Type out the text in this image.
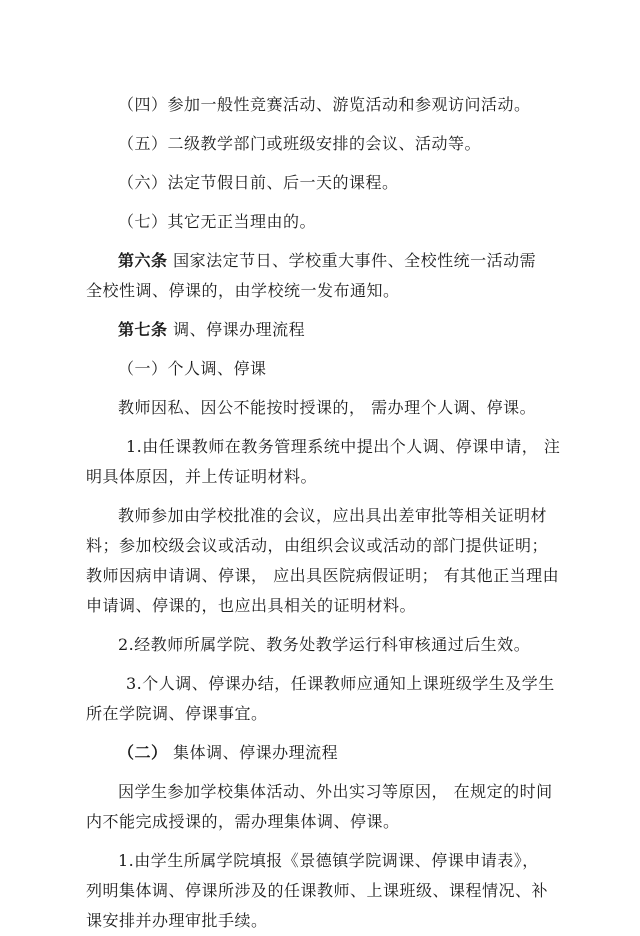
（四）参加一般性竞赛活动、游览活动和参观访问活动。
（五）二级教学部门或班级安排的会议、活动等。
（六）法定节假日前、后一天的课程。
（七）其它无正当理由的。
第六条 国家法定节日、学校重大事件、全校性统一活动需
全校性调、停课的，由学校统一发布通知。
第七条 调、停课办理流程
（一）个人调、停课
教师因私、因公不能按时授课的， 需办理个人调、停课。
1.由任课教师在教务管理系统中提出个人调、停课申请， 注
明具体原因，并上传证明材料。
教师参加由学校批准的会议，应出具出差审批等相关证明材
料；参加校级会议或活动，由组织会议或活动的部门提供证明；
教师因病申请调、停课， 应出具医院病假证明； 有其他正当理由
申请调、停课的，也应出具相关的证明材料。
2.经教师所属学院、教务处教学运行科审核通过后生效。
3.个人调、停课办结，任课教师应通知上课班级学生及学生
所在学院调、停课事宜。
（二） 集体调、停课办理流程
因学生参加学校集体活动、外出实习等原因， 在规定的时间
内不能完成授课的，需办理集体调、停课。
1.由学生所属学院填报《景德镇学院调课、停课申请表》，
列明集体调、停课所涉及的任课教师、上课班级、课程情况、补
课安排并办理审批手续。
